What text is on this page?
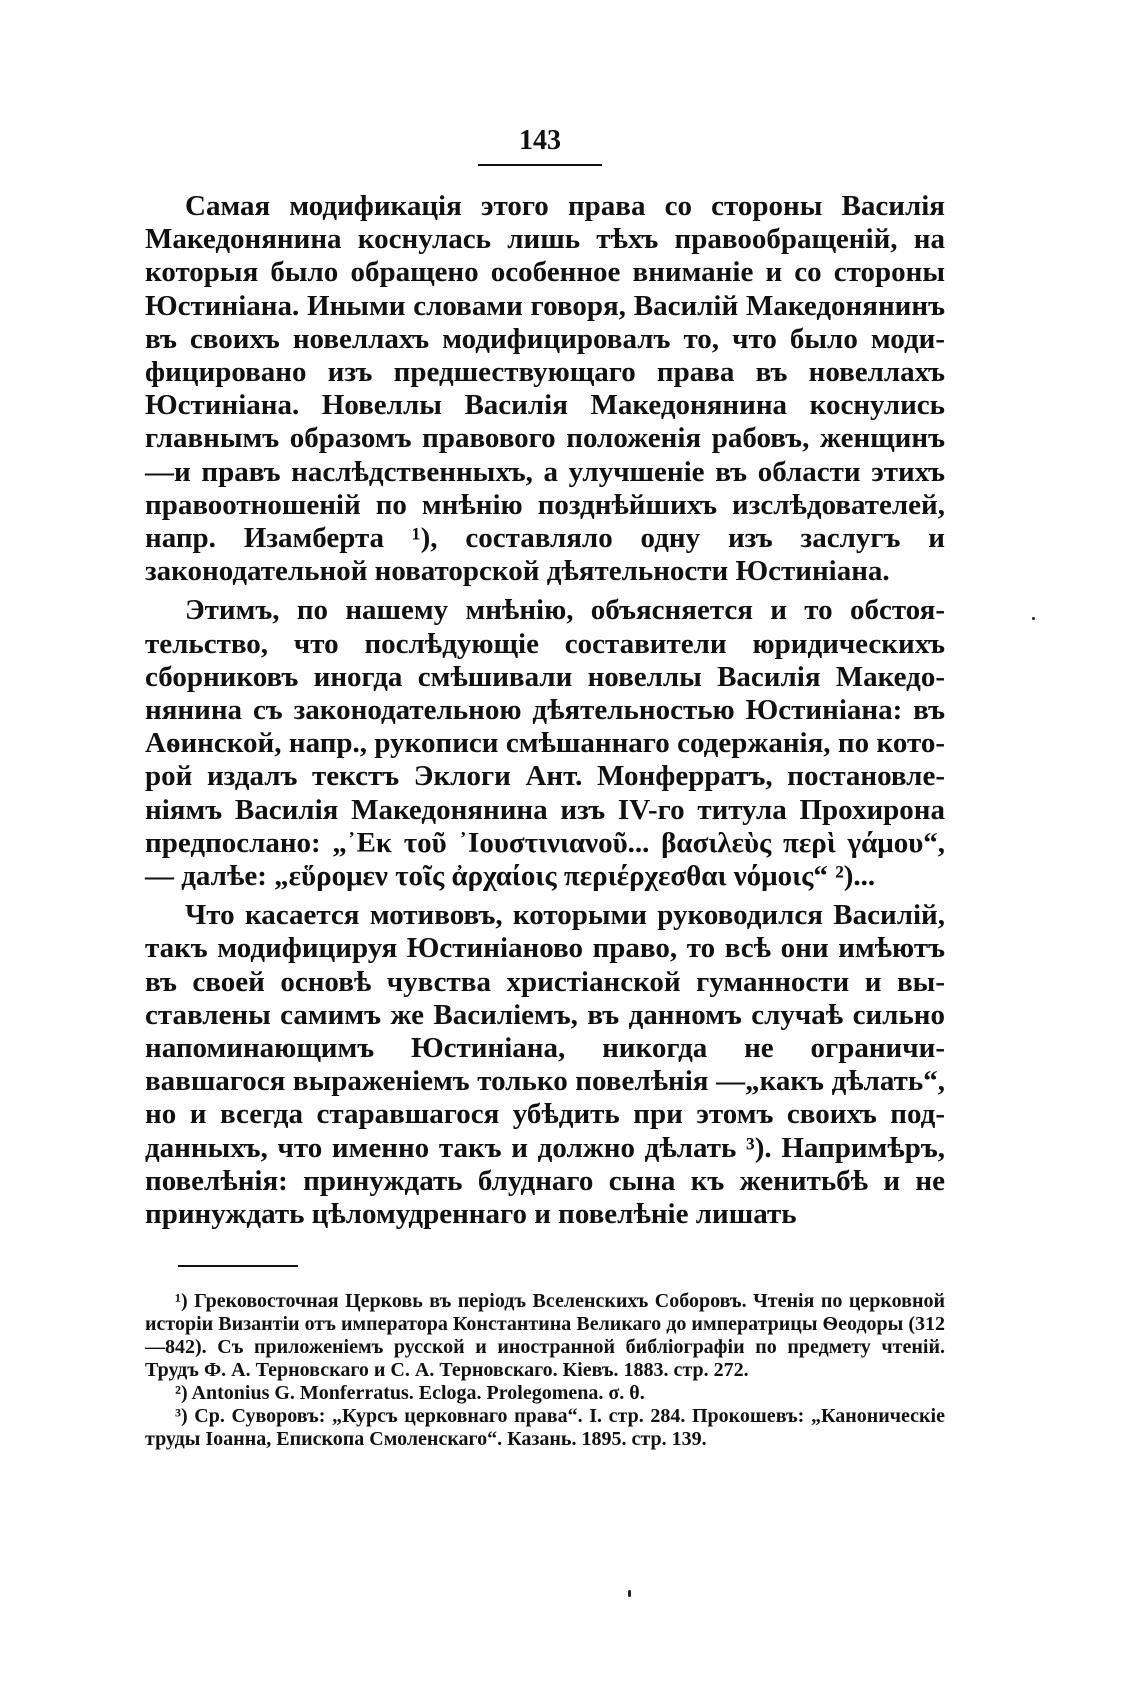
143

Самая модификація этого права со стороны Василія Македонянина коснулась лишь тѣхъ правообращеній, на которыя было обращено особенное вниманіе и со стороны Юстиніана. Иными словами говоря, Василій Македонянинъ въ своихъ новеллахъ модифицировалъ то, что было модифицировано изъ предшествующаго права въ новеллахъ Юстиніана. Новеллы Василія Македонянина коснулись главнымъ образомъ правового положенія рабовъ, женщинъ—и правъ наслѣдственныхъ, а улучшеніе въ области этихъ правоотношеній по мнѣнію позднѣйшихъ изслѣдователей, напр. Изамберта ¹), составляло одну изъ заслугъ и законодательной новаторской дѣятельности Юстиніана.

Этимъ, по нашему мнѣнію, объясняется и то обстоятельство, что послѣдующіе составители юридическихъ сборниковъ иногда смѣшивали новеллы Василія Македонянина съ законодательною дѣятельностью Юстиніана: въ Аѳинской, напр., рукописи смѣшаннаго содержанія, по которой издалъ текстъ Эклоги Ант. Монферратъ, постановленіямъ Василія Македонянина изъ IV-го титула Прохирона предпослано: „᾿Εκ τοῦ ᾿Ιουστινιανοῦ... βασιλεὺς περὶ γάμου“,— далѣе: „εὕρομεν τοῖς ἀρχαίοις περιέρχεσθαι νόμοις“ ²)...

Что касается мотивовъ, которыми руководился Василій, такъ модифицируя Юстиніаново право, то всѣ они имѣютъ въ своей основѣ чувства христіанской гуманности и выставлены самимъ же Василіемъ, въ данномъ случаѣ сильно напоминающимъ Юстиніана, никогда не ограничивавшагося выраженіемъ только повелѣнія —„какъ дѣлать“, но и всегда старавшагося убѣдить при этомъ своихъ подданныхъ, что именно такъ и должно дѣлать ³). Напримѣръ, повелѣнія: принуждать блуднаго сына къ женитьбѣ и не принуждать цѣломудреннаго и повелѣніе лишать

¹) Грековосточная Церковь въ періодъ Вселенскихъ Соборовъ. Чтенія по церковной исторіи Византіи отъ императора Константина Великаго до императрицы Ѳеодоры (312—842). Съ приложеніемъ русской и иностранной библіографіи по предмету чтеній. Трудъ Ф. А. Терновскаго и С. А. Терновскаго. Кіевъ. 1883. стр. 272.

²) Antonius G. Monferratus. Ecloga. Prolegomena. σ. θ.

³) Ср. Суворовъ: „Курсъ церковнаго права“. I. стр. 284. Прокошевъ: „Каноническіе труды Іоанна, Епископа Смоленскаго“. Казань. 1895. стр. 139.
